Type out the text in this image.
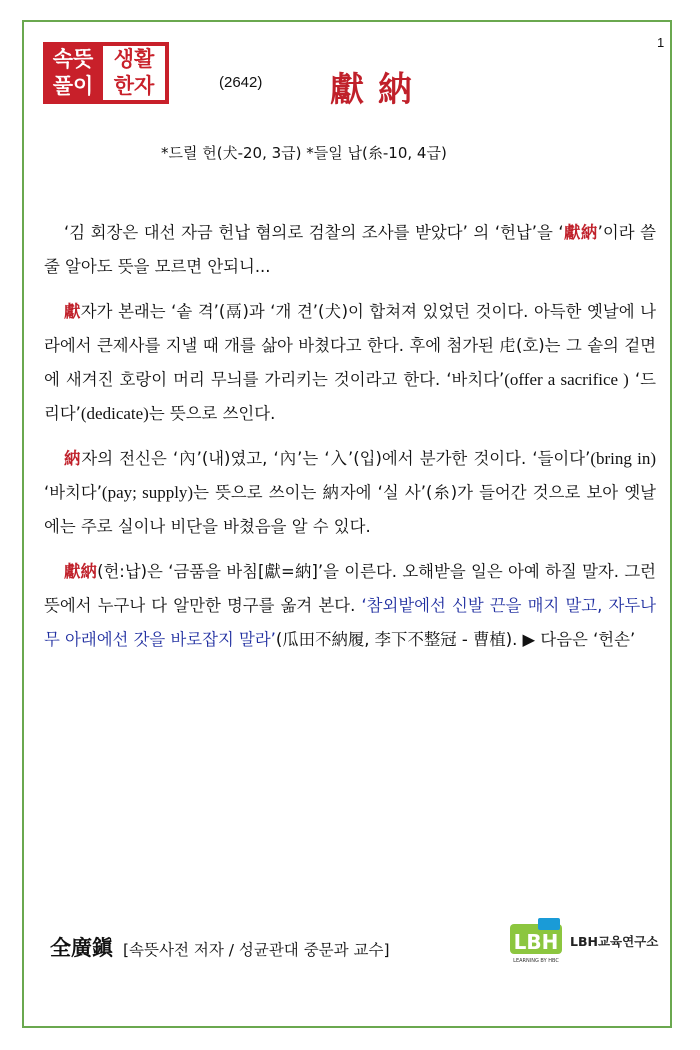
1
속뜻
풀이
생활
한자	(2642) 獻納
*드릴 헌(犬-20, 3급) *들일 납(糸-10, 4급)

‘김 회장은 대선 자금 헌납 혐의로 검찰의 조사를 받았다’ 의 ‘헌납’을 ‘獻納’이라 쓸 줄 알아도 뜻을 모르면 안되니...

獻자가 본래는 ‘솥 격’(鬲)과 ‘개 견’(犬)이 합쳐져 있었던 것이다. 아득한 옛날에 나라에서 큰제사를 지낼 때 개를 삶아 바쳤다고 한다. 후에 첨가된 虍(호)는 그 솥의 겉면에 새겨진 호랑이 머리 무늬를 가리키는 것이라고 한다. ‘바치다’(offer a sacrifice ) ‘드리다’(dedicate)는 뜻으로 쓰인다.

納자의 전신은 ‘內’(내)였고, ‘內’는 ‘入’(입)에서 분가한 것이다. ‘들이다’(bring in) ‘바치다’(pay; supply)는 뜻으로 쓰이는 納자에 ‘실 사’(糸)가 들어간 것으로 보아 옛날에는 주로 실이나 비단을 바쳤음을 알 수 있다.

獻納(헌:납)은 ‘금품을 바침[獻=納]’을 이른다. 오해받을 일은 아예 하질 말자. 그런 뜻에서 누구나 다 알만한 명구를 옮겨 본다. ‘참외밭에선 신발 끈을 매지 말고, 자두나무 아래에선 갓을 바로잡지 말라’(瓜田不納履, 李下不整冠 - 曹植). ▶ 다음은 ‘헌손’

全廣鎭 [속뜻사전 저자 / 성균관대 중문과 교수]	LBH
LEARNING BY HBC
LBH교육연구소
